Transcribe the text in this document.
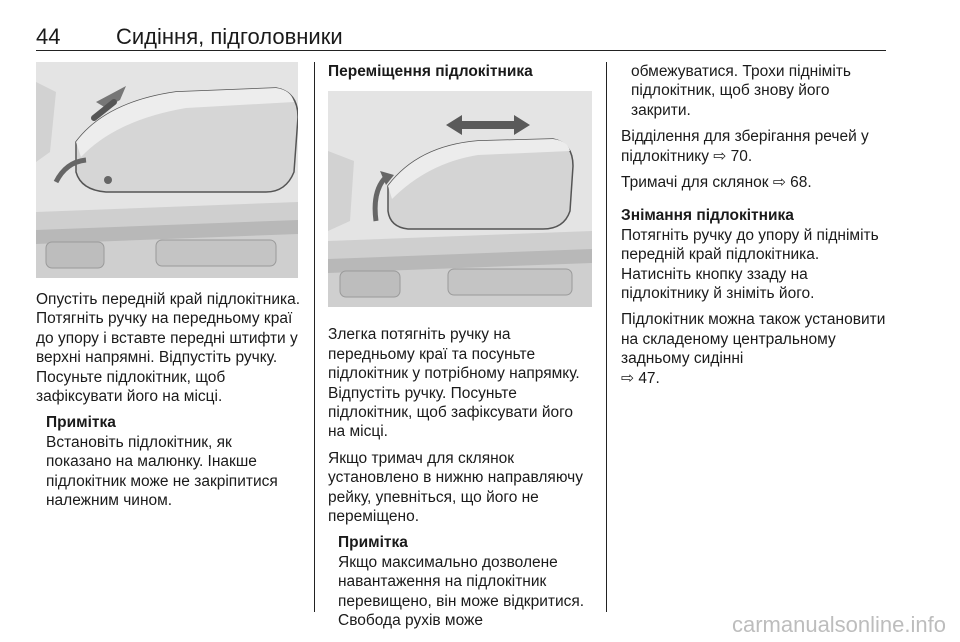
44	Сидіння, підголовники

Опустіть передній край підлокітника. Потягніть ручку на передньому краї до упору і вставте передні штифти у верхні напрямні. Відпустіть ручку. Посуньте підлокітник, щоб зафіксувати його на місці.

Примітка

Встановіть підлокітник, як показано на малюнку. Інакше підлокітник може не закріпитися належним чином.

Переміщення підлокітника

Злегка потягніть ручку на передньому краї та посуньте підлокітник у потрібному напрямку. Відпустіть ручку. Посуньте підлокітник, щоб зафіксувати його на місці.

Якщо тримач для склянок установлено в нижню направляючу рейку, упевніться, що його не переміщено.

Примітка

Якщо максимально дозволене навантаження на підлокітник перевищено, він може відкритися. Свобода рухів може

обмежуватися. Трохи підніміть підлокітник, щоб знову його закрити.

Відділення для зберігання речей у підлокітнику ⇨ 70.

Тримачі для склянок ⇨ 68.

Знімання підлокітника

Потягніть ручку до упору й підніміть передній край підлокітника. Натисніть кнопку ззаду на підлокітнику й зніміть його.

Підлокітник можна також установити на складеному центральному задньому сидінні
⇨ 47.

carmanualsonline.info
